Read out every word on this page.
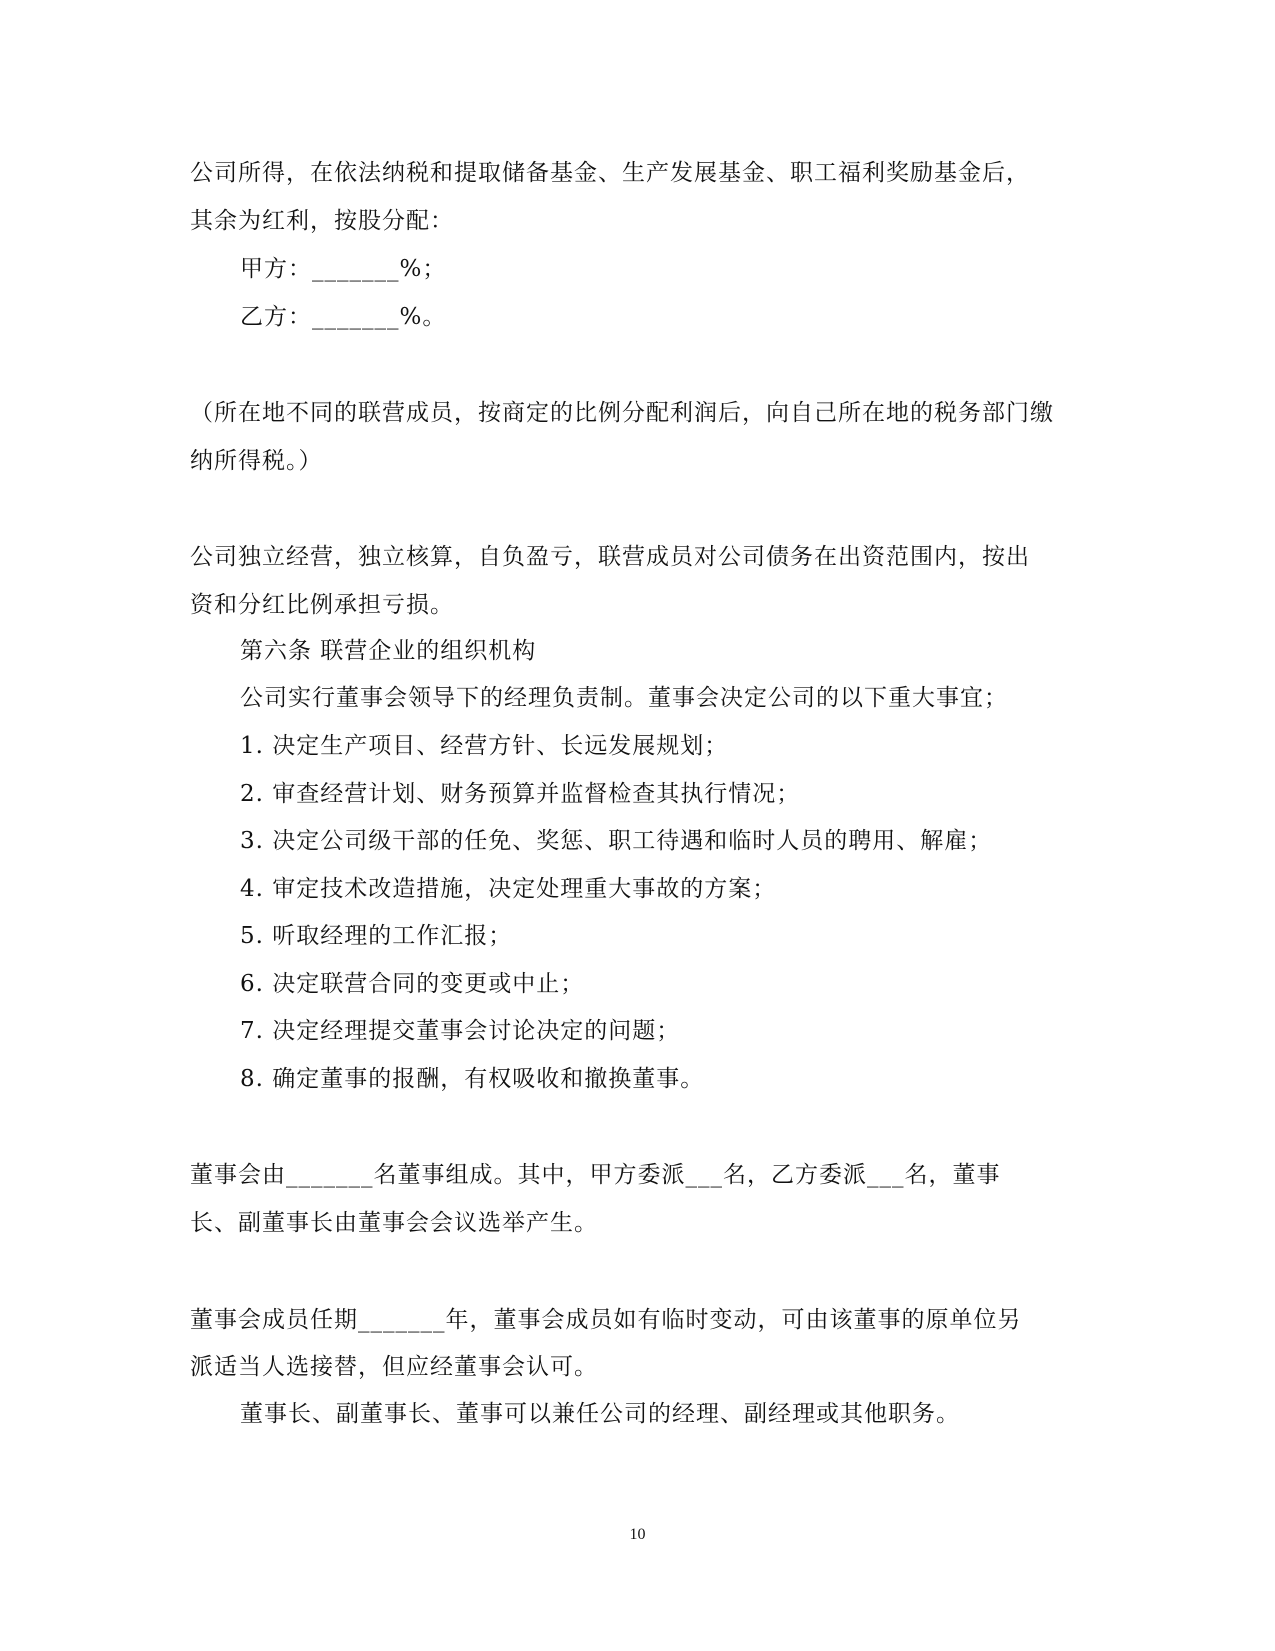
公司所得，在依法纳税和提取储备基金、生产发展基金、职工福利奖励基金后，
其余为红利，按股分配：
甲方：_______%；
乙方：_______%。
（所在地不同的联营成员，按商定的比例分配利润后，向自己所在地的税务部门缴
纳所得税。）
公司独立经营，独立核算，自负盈亏，联营成员对公司债务在出资范围内，按出
资和分红比例承担亏损。
第六条 联营企业的组织机构
公司实行董事会领导下的经理负责制。董事会决定公司的以下重大事宜；
1. 决定生产项目、经营方针、长远发展规划；
2. 审查经营计划、财务预算并监督检查其执行情况；
3. 决定公司级干部的任免、奖惩、职工待遇和临时人员的聘用、解雇；
4. 审定技术改造措施，决定处理重大事故的方案；
5. 听取经理的工作汇报；
6. 决定联营合同的变更或中止；
7. 决定经理提交董事会讨论决定的问题；
8. 确定董事的报酬，有权吸收和撤换董事。
董事会由_______名董事组成。其中，甲方委派___名，乙方委派___名，董事
长、副董事长由董事会会议选举产生。
董事会成员任期_______年，董事会成员如有临时变动，可由该董事的原单位另
派适当人选接替，但应经董事会认可。
董事长、副董事长、董事可以兼任公司的经理、副经理或其他职务。
10
